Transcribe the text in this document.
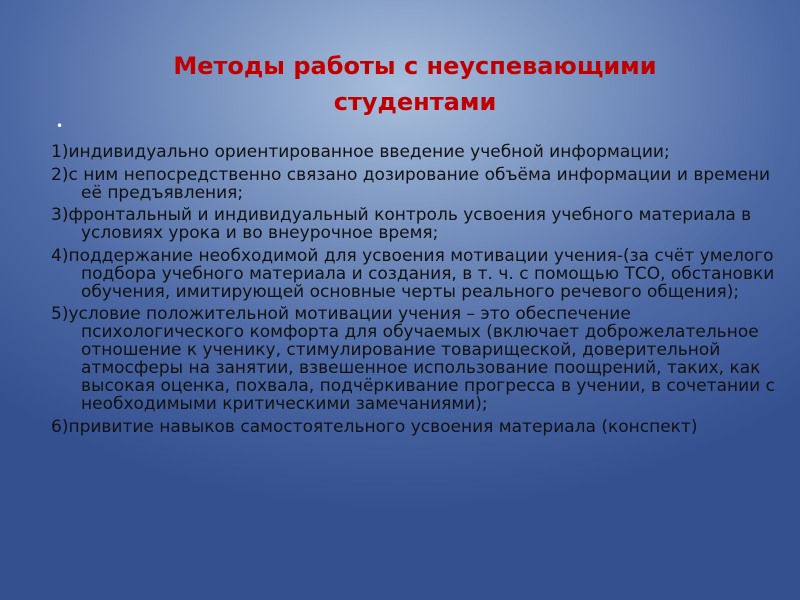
Методы работы с неуспевающими студентами
•
1)индивидуально ориентированное введение учебной информации;
2)с ним непосредственно связано дозирование объёма информации и времени её предъявления;
3)фронтальный и индивидуальный контроль усвоения учебного материала в условиях урока и во внеурочное время;
4)поддержание необходимой для усвоения мотивации учения-(за счёт умелого подбора учебного материала и создания, в т. ч. с помощью ТСО, обстановки обучения, имитирующей основные черты реального речевого общения);
5)условие положительной мотивации учения – это обеспечение психологического комфорта для обучаемых (включает доброжелательное отношение к ученику, стимулирование товарищеской, доверительной атмосферы на занятии, взвешенное использование поощрений, таких, как высокая оценка, похвала, подчёркивание прогресса в учении, в сочетании с необходимыми критическими замечаниями);
6)привитие навыков самостоятельного усвоения материала (конспект)
